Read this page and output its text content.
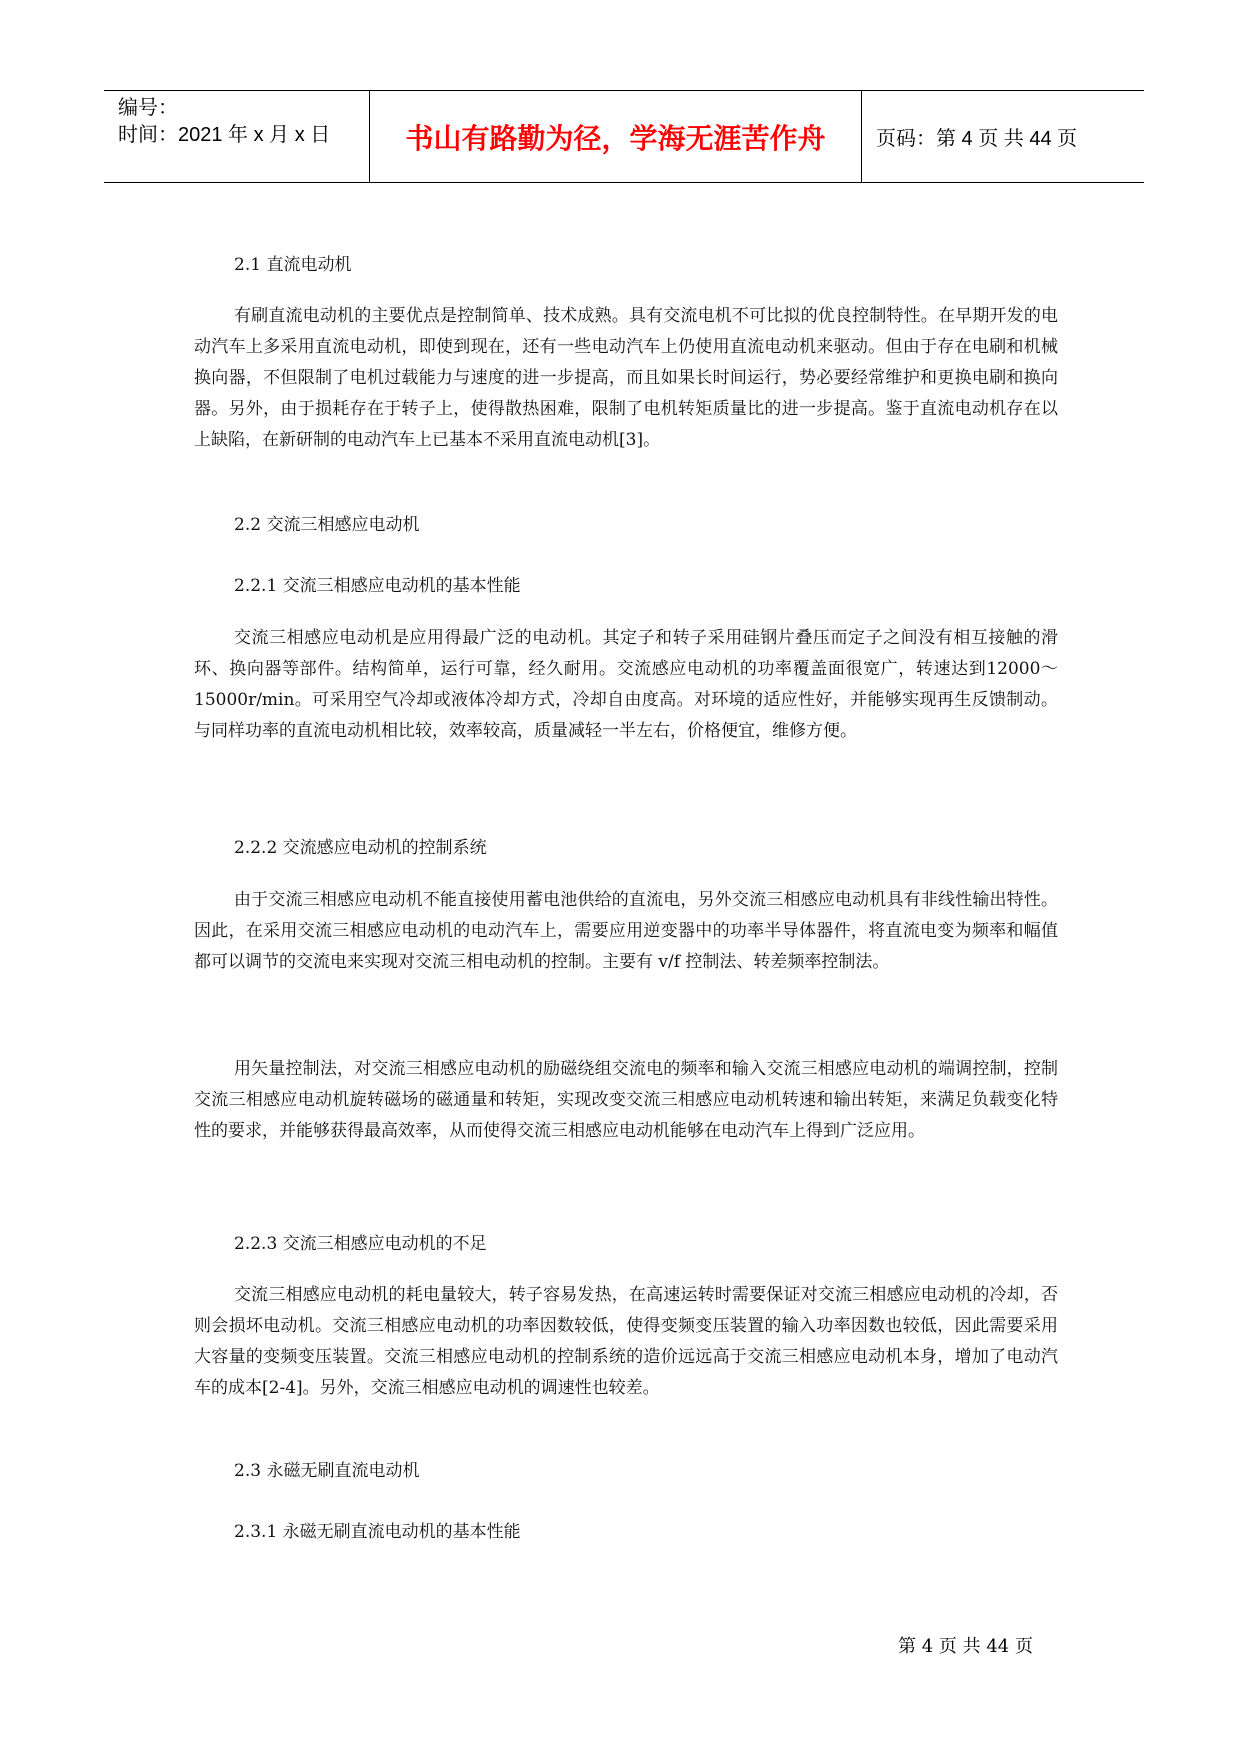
编号：
时间：2021 年 x 月 x 日	书山有路勤为径，学海无涯苦作舟	页码：第 4 页 共 44 页
2.1 直流电动机

有刷直流电动机的主要优点是控制简单、技术成熟。具有交流电机不可比拟的优良控制特性。在早期开发的电动汽车上多采用直流电动机，即使到现在，还有一些电动汽车上仍使用直流电动机来驱动。但由于存在电刷和机械换向器，不但限制了电机过载能力与速度的进一步提高，而且如果长时间运行，势必要经常维护和更换电刷和换向器。另外，由于损耗存在于转子上，使得散热困难，限制了电机转矩质量比的进一步提高。鉴于直流电动机存在以上缺陷，在新研制的电动汽车上已基本不采用直流电动机[3]。

2.2 交流三相感应电动机
2.2.1 交流三相感应电动机的基本性能

交流三相感应电动机是应用得最广泛的电动机。其定子和转子采用硅钢片叠压而定子之间没有相互接触的滑环、换向器等部件。结构简单，运行可靠，经久耐用。交流感应电动机的功率覆盖面很宽广，转速达到12000～15000r/min。可采用空气冷却或液体冷却方式，冷却自由度高。对环境的适应性好，并能够实现再生反馈制动。与同样功率的直流电动机相比较，效率较高，质量减轻一半左右，价格便宜，维修方便。

2.2.2 交流感应电动机的控制系统

由于交流三相感应电动机不能直接使用蓄电池供给的直流电，另外交流三相感应电动机具有非线性输出特性。因此，在采用交流三相感应电动机的电动汽车上，需要应用逆变器中的功率半导体器件，将直流电变为频率和幅值都可以调节的交流电来实现对交流三相电动机的控制。主要有 v/f 控制法、转差频率控制法。

用矢量控制法，对交流三相感应电动机的励磁绕组交流电的频率和输入交流三相感应电动机的端调控制，控制交流三相感应电动机旋转磁场的磁通量和转矩，实现改变交流三相感应电动机转速和输出转矩，来满足负载变化特性的要求，并能够获得最高效率，从而使得交流三相感应电动机能够在电动汽车上得到广泛应用。

2.2.3 交流三相感应电动机的不足

交流三相感应电动机的耗电量较大，转子容易发热，在高速运转时需要保证对交流三相感应电动机的冷却，否则会损坏电动机。交流三相感应电动机的功率因数较低，使得变频变压装置的输入功率因数也较低，因此需要采用大容量的变频变压装置。交流三相感应电动机的控制系统的造价远远高于交流三相感应电动机本身，增加了电动汽车的成本[2-4]。另外，交流三相感应电动机的调速性也较差。

2.3 永磁无刷直流电动机
2.3.1 永磁无刷直流电动机的基本性能
第 4 页 共 44 页
